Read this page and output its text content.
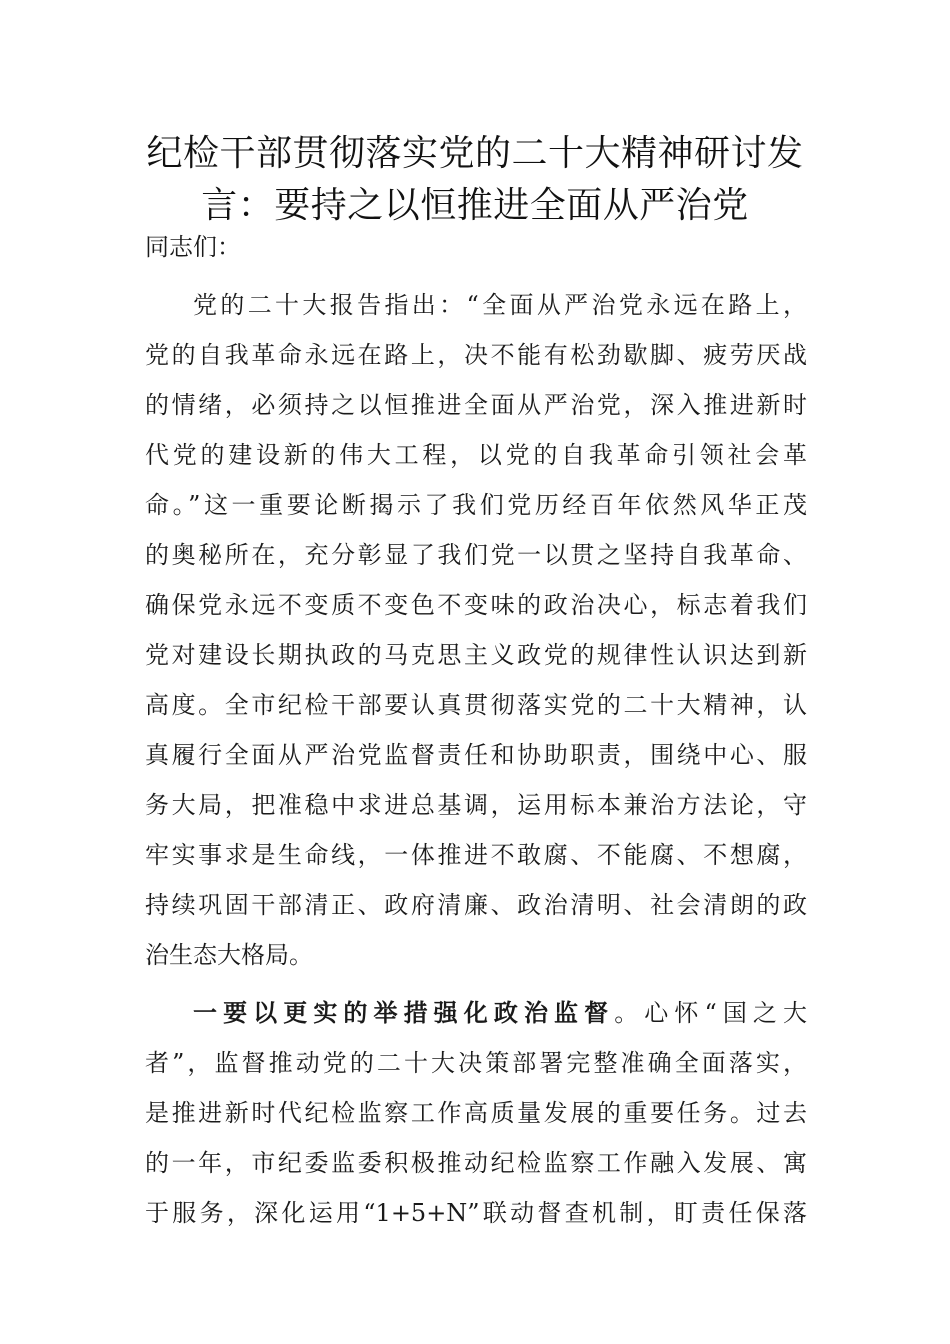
纪检干部贯彻落实党的二十大精神研讨发
言：要持之以恒推进全面从严治党
同志们：
党的二十大报告指出：“全面从严治党永远在路上，
党的自我革命永远在路上，决不能有松劲歇脚、疲劳厌战
的情绪，必须持之以恒推进全面从严治党，深入推进新时
代党的建设新的伟大工程，以党的自我革命引领社会革
命。”这一重要论断揭示了我们党历经百年依然风华正茂
的奥秘所在，充分彰显了我们党一以贯之坚持自我革命、
确保党永远不变质不变色不变味的政治决心，标志着我们
党对建设长期执政的马克思主义政党的规律性认识达到新
高度。全市纪检干部要认真贯彻落实党的二十大精神，认
真履行全面从严治党监督责任和协助职责，围绕中心、服
务大局，把准稳中求进总基调，运用标本兼治方法论，守
牢实事求是生命线，一体推进不敢腐、不能腐、不想腐，
持续巩固干部清正、政府清廉、政治清明、社会清朗的政
治生态大格局。
一要以更实的举措强化政治监督。心怀“国之大
者”，监督推动党的二十大决策部署完整准确全面落实，
是推进新时代纪检监察工作高质量发展的重要任务。过去
的一年，市纪委监委积极推动纪检监察工作融入发展、寓
于服务，深化运用“1+5+N”联动督查机制，盯责任保落
